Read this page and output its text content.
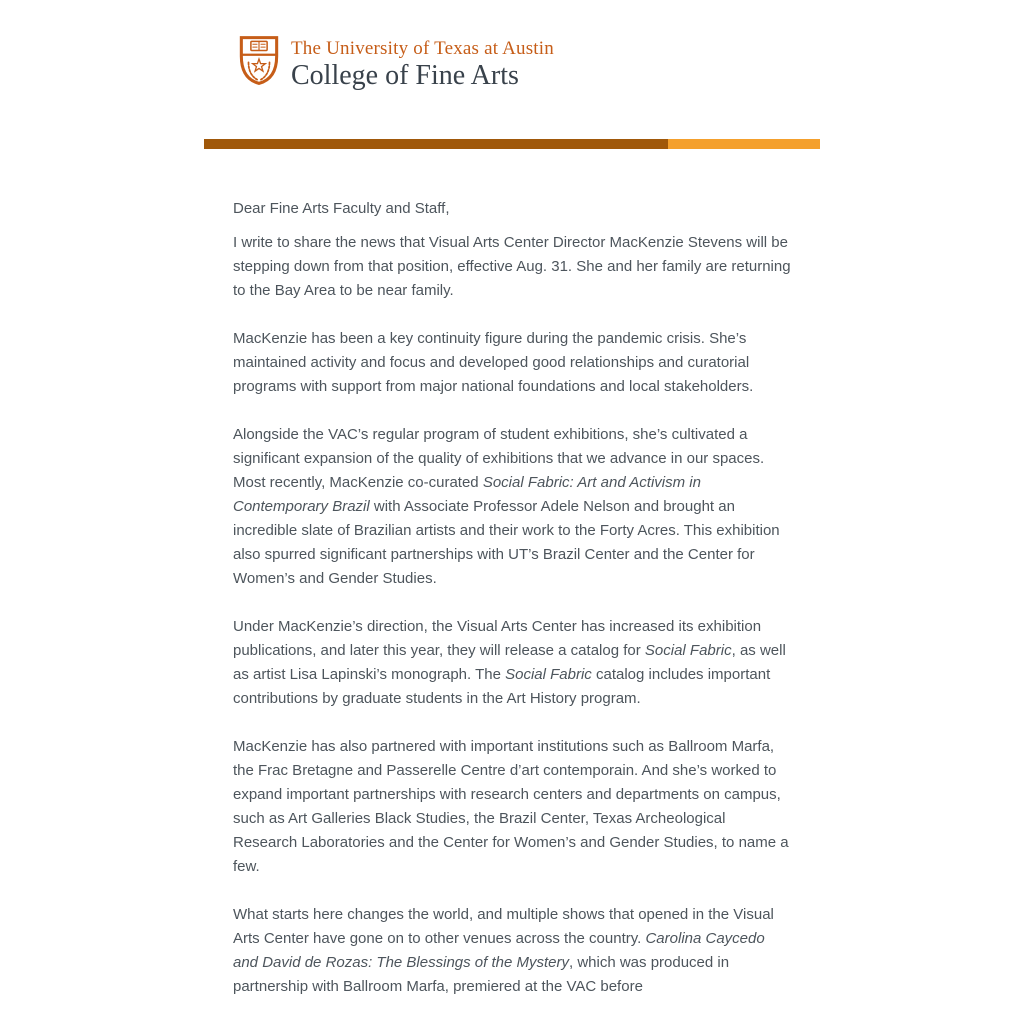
The University of Texas at Austin
College of Fine Arts

Dear Fine Arts Faculty and Staff,

I write to share the news that Visual Arts Center Director MacKenzie Stevens will be stepping down from that position, effective Aug. 31. She and her family are returning to the Bay Area to be near family.

MacKenzie has been a key continuity figure during the pandemic crisis. She’s maintained activity and focus and developed good relationships and curatorial programs with support from major national foundations and local stakeholders.

Alongside the VAC’s regular program of student exhibitions, she’s cultivated a significant expansion of the quality of exhibitions that we advance in our spaces. Most recently, MacKenzie co-curated Social Fabric: Art and Activism in Contemporary Brazil with Associate Professor Adele Nelson and brought an incredible slate of Brazilian artists and their work to the Forty Acres. This exhibition also spurred significant partnerships with UT’s Brazil Center and the Center for Women’s and Gender Studies.

Under MacKenzie’s direction, the Visual Arts Center has increased its exhibition publications, and later this year, they will release a catalog for Social Fabric, as well as artist Lisa Lapinski’s monograph. The Social Fabric catalog includes important contributions by graduate students in the Art History program.

MacKenzie has also partnered with important institutions such as Ballroom Marfa, the Frac Bretagne and Passerelle Centre d’art contemporain. And she’s worked to expand important partnerships with research centers and departments on campus, such as Art Galleries Black Studies, the Brazil Center, Texas Archeological Research Laboratories and the Center for Women’s and Gender Studies, to name a few.

What starts here changes the world, and multiple shows that opened in the Visual Arts Center have gone on to other venues across the country. Carolina Caycedo and David de Rozas: The Blessings of the Mystery, which was produced in partnership with Ballroom Marfa, premiered at the VAC before
